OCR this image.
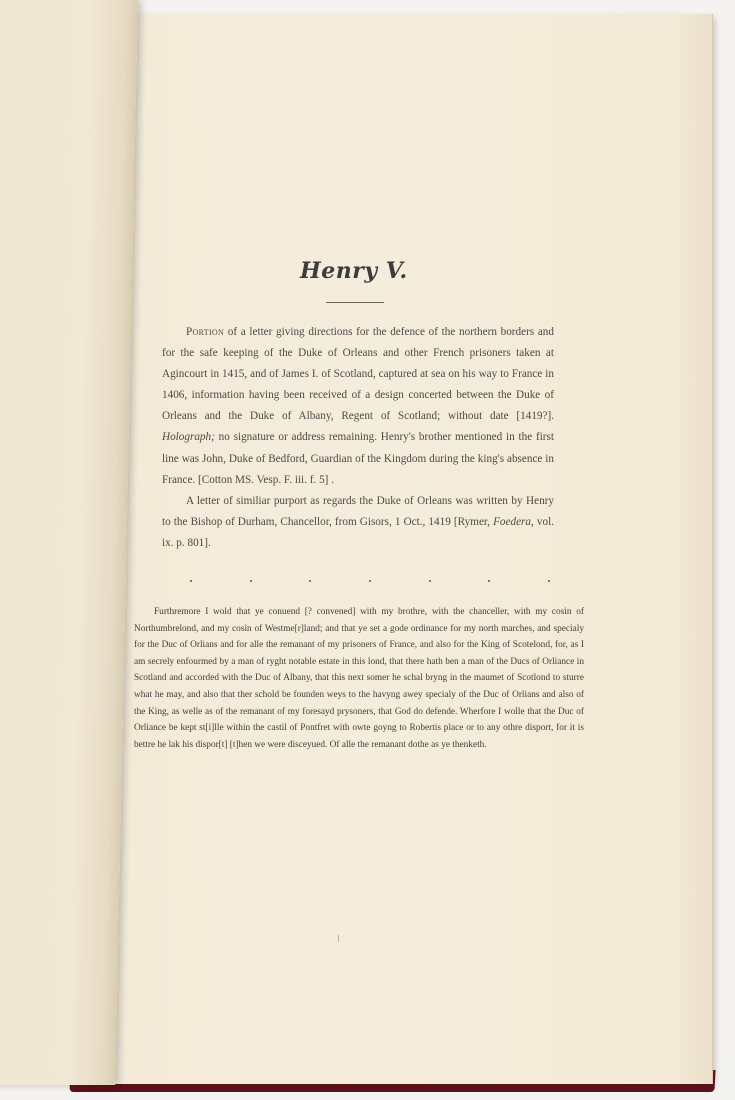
Henry V.

Portion of a letter giving directions for the defence of the northern borders and for the safe keeping of the Duke of Orleans and other French prisoners taken at Agincourt in 1415, and of James I. of Scotland, captured at sea on his way to France in 1406, information having been received of a design concerted between the Duke of Orleans and the Duke of Albany, Regent of Scotland; without date [1419?]. Holograph; no signature or address remaining. Henry's brother mentioned in the first line was John, Duke of Bedford, Guardian of the Kingdom during the king's absence in France. [Cotton MS. Vesp. F. iii. f. 5] .

A letter of similiar purport as regards the Duke of Orleans was written by Henry to the Bishop of Durham, Chancellor, from Gisors, 1 Oct., 1419 [Rymer, Foedera, vol. ix. p. 801].

Furthremore I wold that ye conuend [? convened] with my brothre, with the chanceller, with my cosin of Northumbrelond, and my cosin of Westme[r]land; and that ye set a gode ordinance for my north marches, and specialy for the Duc of Orlians and for alle the remanant of my prisoners of France, and also for the King of Scotelond, for, as I am secrely enfourmed by a man of ryght notable estate in this lond, that there hath ben a man of the Ducs of Orliance in Scotland and accorded with the Duc of Albany, that this next somer he schal bryng in the maumet of Scotlond to sturre what he may, and also that ther schold be founden weys to the havyng awey specialy of the Duc of Orlians and also of the King, as welle as of the remanant of my foresayd prysoners, that God do defende. Wherfore I wolle that the Duc of Orliance be kept st[i]lle within the castil of Pontfret with owte goyng to Robertis place or to any othre disport, for it is bettre he lak his dispor[t] [t]hen we were disceyued. Of alle the remanant dothe as ye thenketh.
